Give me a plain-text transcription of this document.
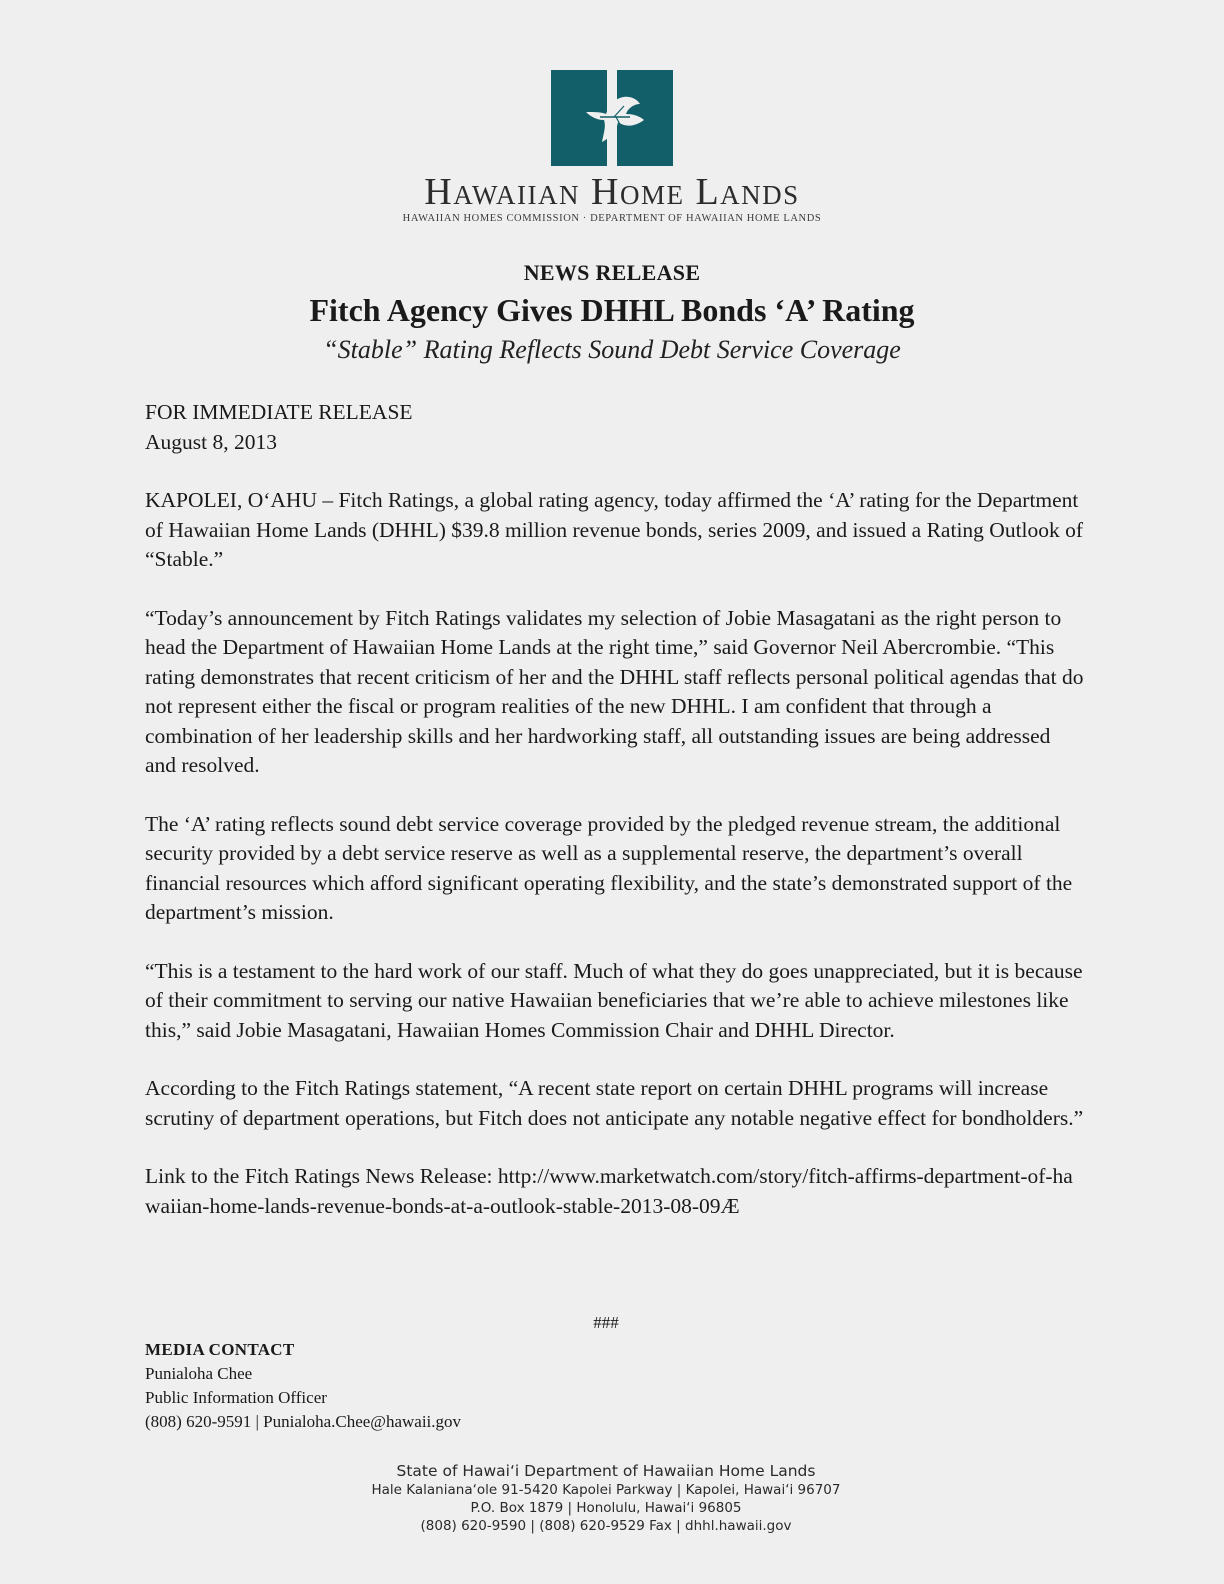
Hawaiian Home Lands
HAWAIIAN HOMES COMMISSION · DEPARTMENT OF HAWAIIAN HOME LANDS
NEWS RELEASE
Fitch Agency Gives DHHL Bonds ‘A’ Rating
“Stable” Rating Reflects Sound Debt Service Coverage
FOR IMMEDIATE RELEASE
August 8, 2013

KAPOLEI, O‘AHU – Fitch Ratings, a global rating agency, today affirmed the ‘A’ rating for the Department of Hawaiian Home Lands (DHHL) $39.8 million revenue bonds, series 2009, and issued a Rating Outlook of “Stable.”

“Today’s announcement by Fitch Ratings validates my selection of Jobie Masagatani as the right person to head the Department of Hawaiian Home Lands at the right time,” said Governor Neil Abercrombie. “This rating demonstrates that recent criticism of her and the DHHL staff reflects personal political agendas that do not represent either the fiscal or program realities of the new DHHL. I am confident that through a combination of her leadership skills and her hardworking staff, all outstanding issues are being addressed and resolved.

The ‘A’ rating reflects sound debt service coverage provided by the pledged revenue stream, the additional security provided by a debt service reserve as well as a supplemental reserve, the department’s overall financial resources which afford significant operating flexibility, and the state’s demonstrated support of the department’s mission.

“This is a testament to the hard work of our staff. Much of what they do goes unappreciated, but it is because of their commitment to serving our native Hawaiian beneficiaries that we’re able to achieve milestones like this,” said Jobie Masagatani, Hawaiian Homes Commission Chair and DHHL Director.

According to the Fitch Ratings statement, “A recent state report on certain DHHL programs will increase scrutiny of department operations, but Fitch does not anticipate any notable negative effect for bondholders.”

Link to the Fitch Ratings News Release: http://www.marketwatch.com/story/fitch-affirms-department-of-hawaiian-home-lands-revenue-bonds-at-a-outlook-stable-2013-08-09Æ

###
MEDIA CONTACT
Punialoha Chee
Public Information Officer
(808) 620-9591 | Punialoha.Chee@hawaii.gov
State of Hawai‘i Department of Hawaiian Home Lands
Hale Kalaniana‘ole 91-5420 Kapolei Parkway | Kapolei, Hawai‘i 96707
P.O. Box 1879 | Honolulu, Hawai‘i 96805
(808) 620-9590 | (808) 620-9529 Fax | dhhl.hawaii.gov
